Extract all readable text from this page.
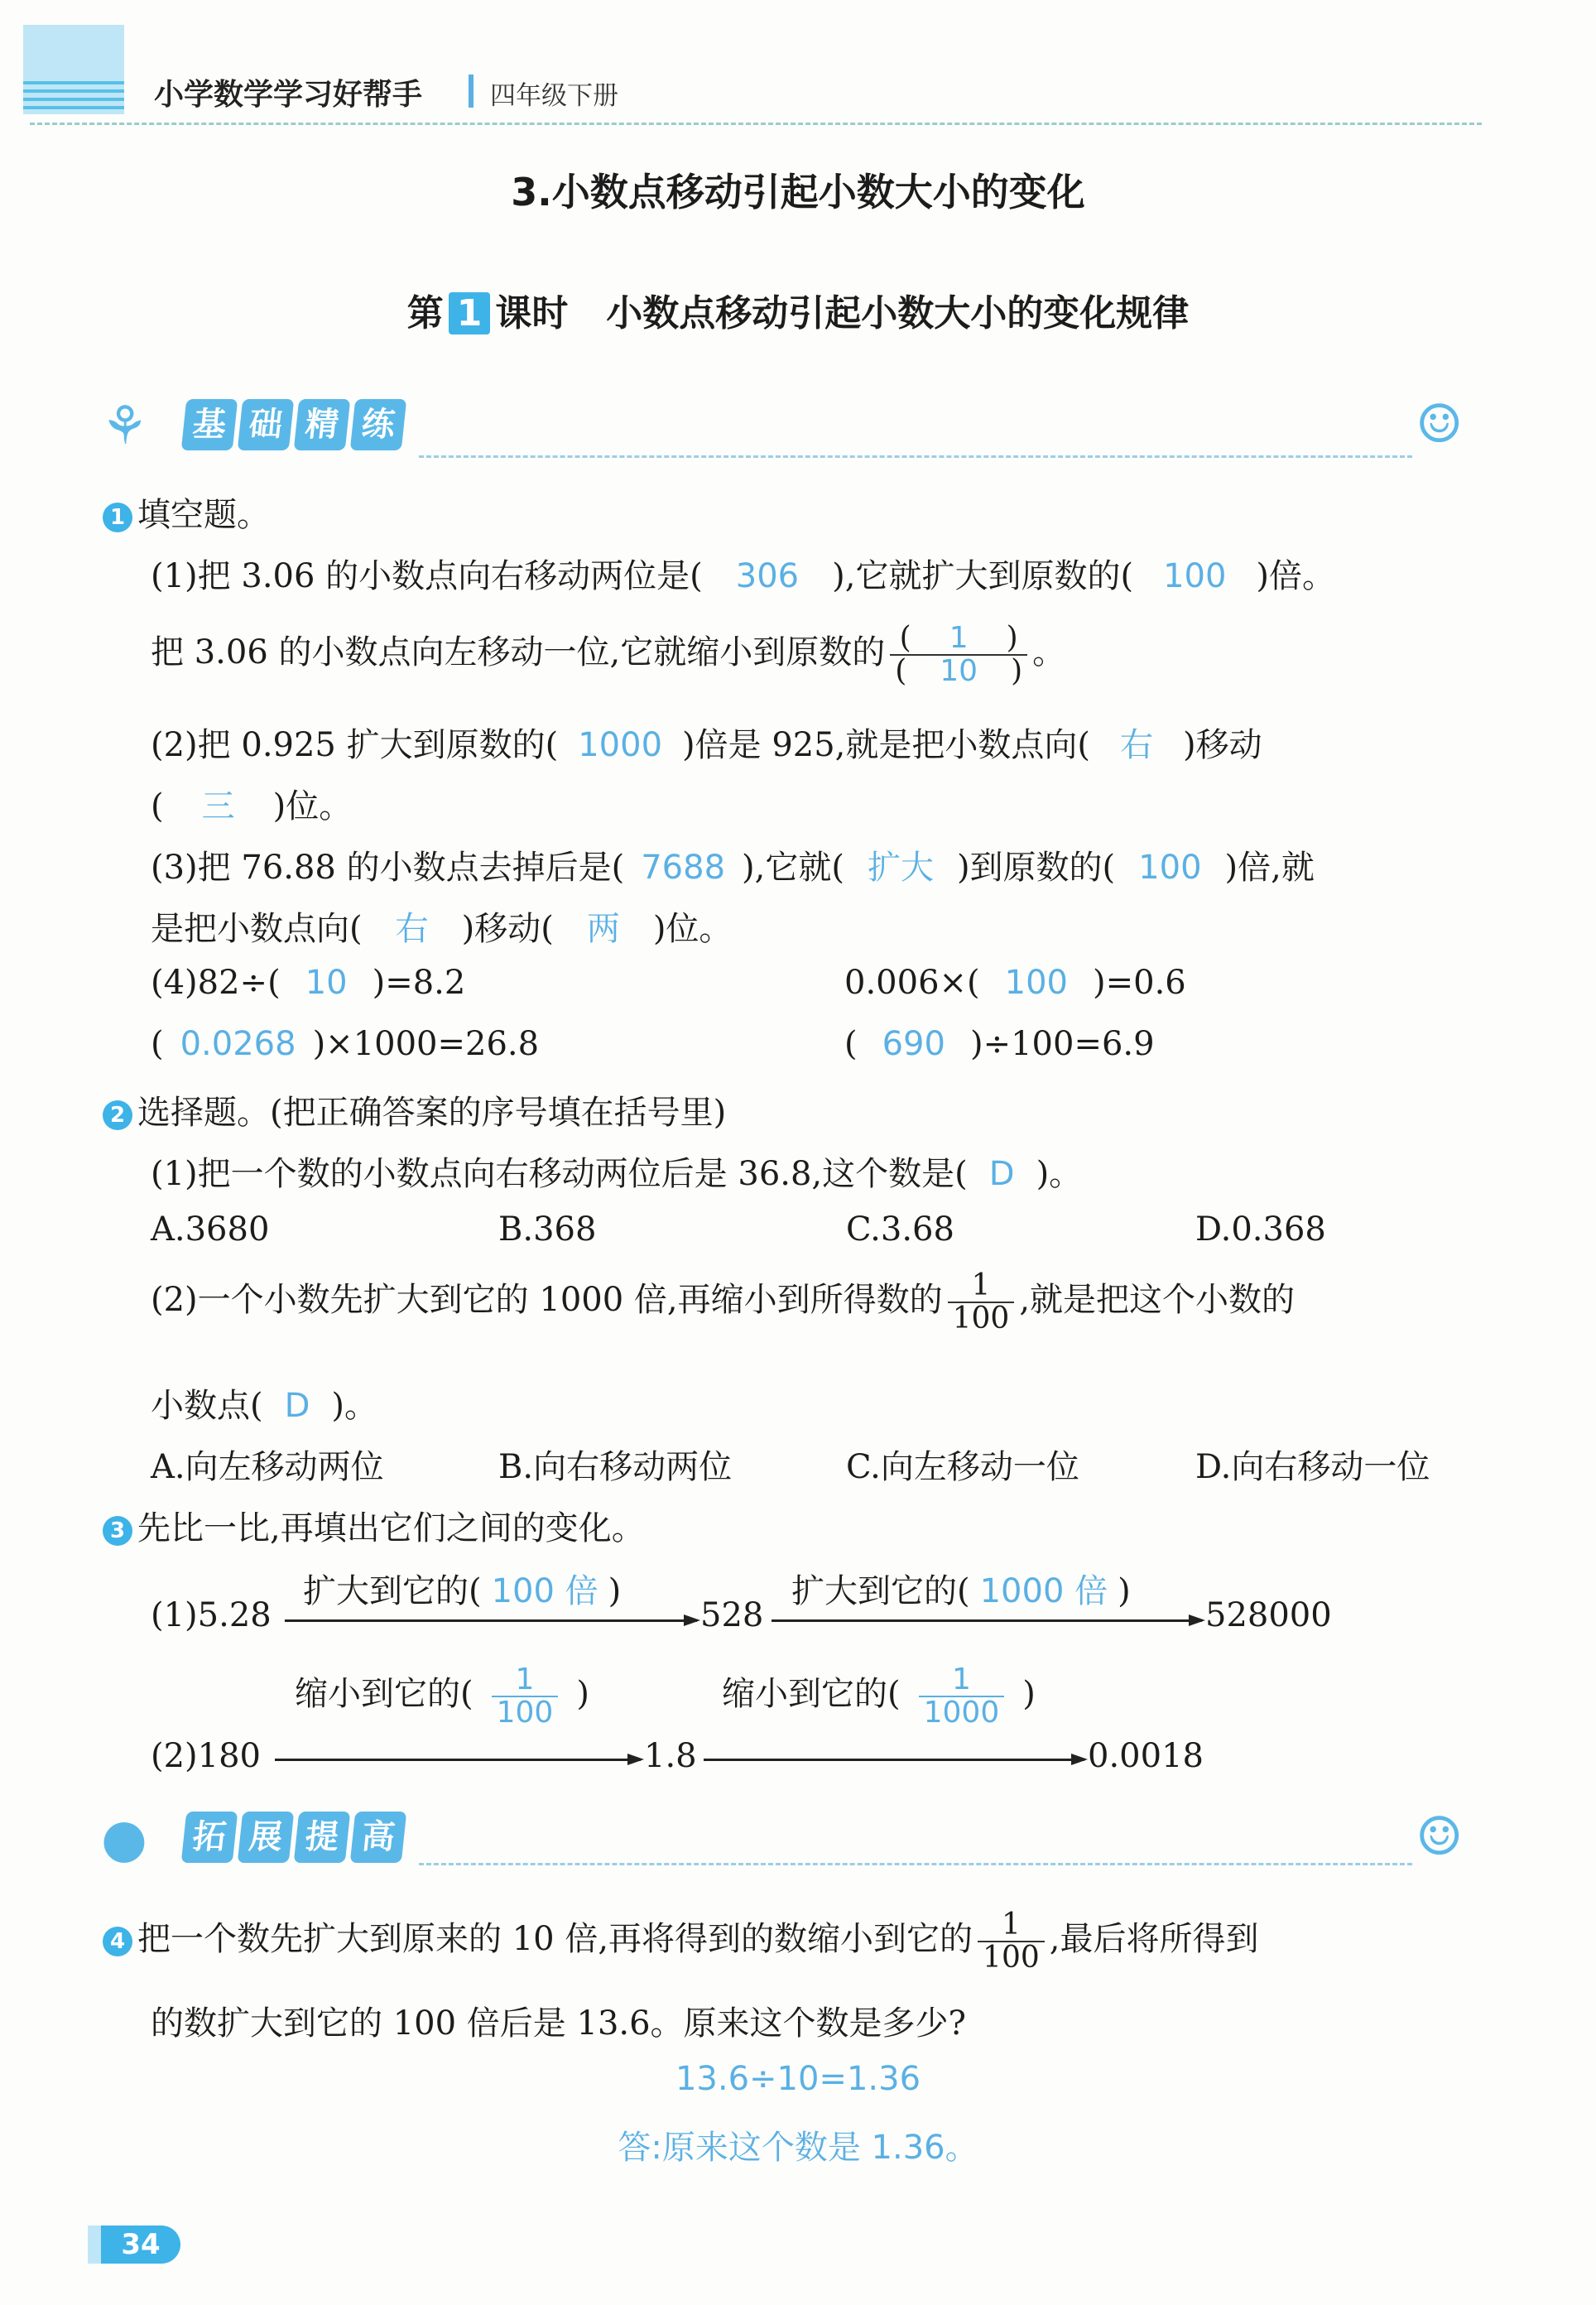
小学数学学习好帮手	四年级下册
3.小数点移动引起小数大小的变化
第 1 课时 小数点移动引起小数大小的变化规律
⚘ 基 础 精 练	☺
1 填空题。
(1)把 3.06 的小数点向右移动两位是( 306 ),它就扩大到原数的( 100 )倍。
把 3.06 的小数点向左移动一位,它就缩小到原数的 $\frac{( 1 )}{( 10 )}$ 。
(2)把 0.925 扩大到原数的( 1000 )倍是 925,就是把小数点向( 右 )移动
( 三 )位。
(3)把 76.88 的小数点去掉后是( 7688 ),它就( 扩大 )到原数的( 100 )倍,就
是把小数点向( 右 )移动( 两 )位。
(4)82÷( 10 )=8.2	0.006×( 100 )=0.6
( 0.0268 )×1000=26.8	( 690 )÷100=6.9
2 选择题。(把正确答案的序号填在括号里)
(1)把一个数的小数点向右移动两位后是 36.8,这个数是( D )。
A.3680	B.368	C.3.68	D.0.368
(2)一个小数先扩大到它的 1000 倍,再缩小到所得数的 $\frac{1}{100}$ ,就是把这个小数的
小数点( D )。
A.向左移动两位	B.向右移动两位	C.向左移动一位	D.向右移动一位
3 先比一比,再填出它们之间的变化。
(1)5.28
扩大到它的( 100 倍 )
528
扩大到它的( 1000 倍 )
528000
(2)180
缩小到它的( $\frac{1}{100}$ )
1.8
缩小到它的( $\frac{1}{1000}$ )
0.0018
● 拓 展 提 高	☺
4 把一个数先扩大到原来的 10 倍,再将得到的数缩小到它的 $\frac{1}{100}$ ,最后将所得到
的数扩大到它的 100 倍后是 13.6。原来这个数是多少?
13.6÷10=1.36
答:原来这个数是 1.36。
34
